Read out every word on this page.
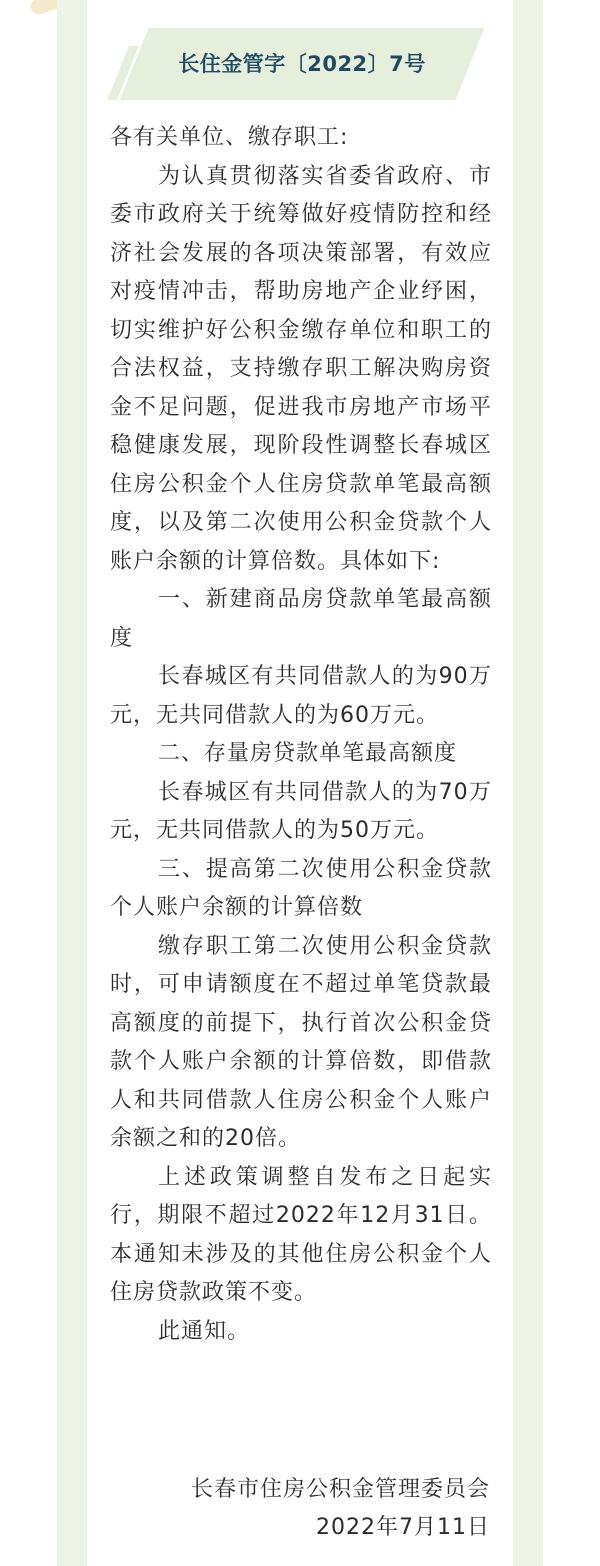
长住金管字〔2022〕7号

各有关单位、缴存职工:

为认真贯彻落实省委省政府、市委市政府关于统筹做好疫情防控和经济社会发展的各项决策部署，有效应对疫情冲击，帮助房地产企业纾困，切实维护好公积金缴存单位和职工的合法权益，支持缴存职工解决购房资金不足问题，促进我市房地产市场平稳健康发展，现阶段性调整长春城区住房公积金个人住房贷款单笔最高额度，以及第二次使用公积金贷款个人账户余额的计算倍数。具体如下:

一、新建商品房贷款单笔最高额度

长春城区有共同借款人的为90万元，无共同借款人的为60万元。

二、存量房贷款单笔最高额度

长春城区有共同借款人的为70万元，无共同借款人的为50万元。

三、提高第二次使用公积金贷款个人账户余额的计算倍数

缴存职工第二次使用公积金贷款时，可申请额度在不超过单笔贷款最高额度的前提下，执行首次公积金贷款个人账户余额的计算倍数，即借款人和共同借款人住房公积金个人账户余额之和的20倍。

上述政策调整自发布之日起实行，期限不超过2022年12月31日。本通知未涉及的其他住房公积金个人住房贷款政策不变。

此通知。

长春市住房公积金管理委员会
2022年7月11日
